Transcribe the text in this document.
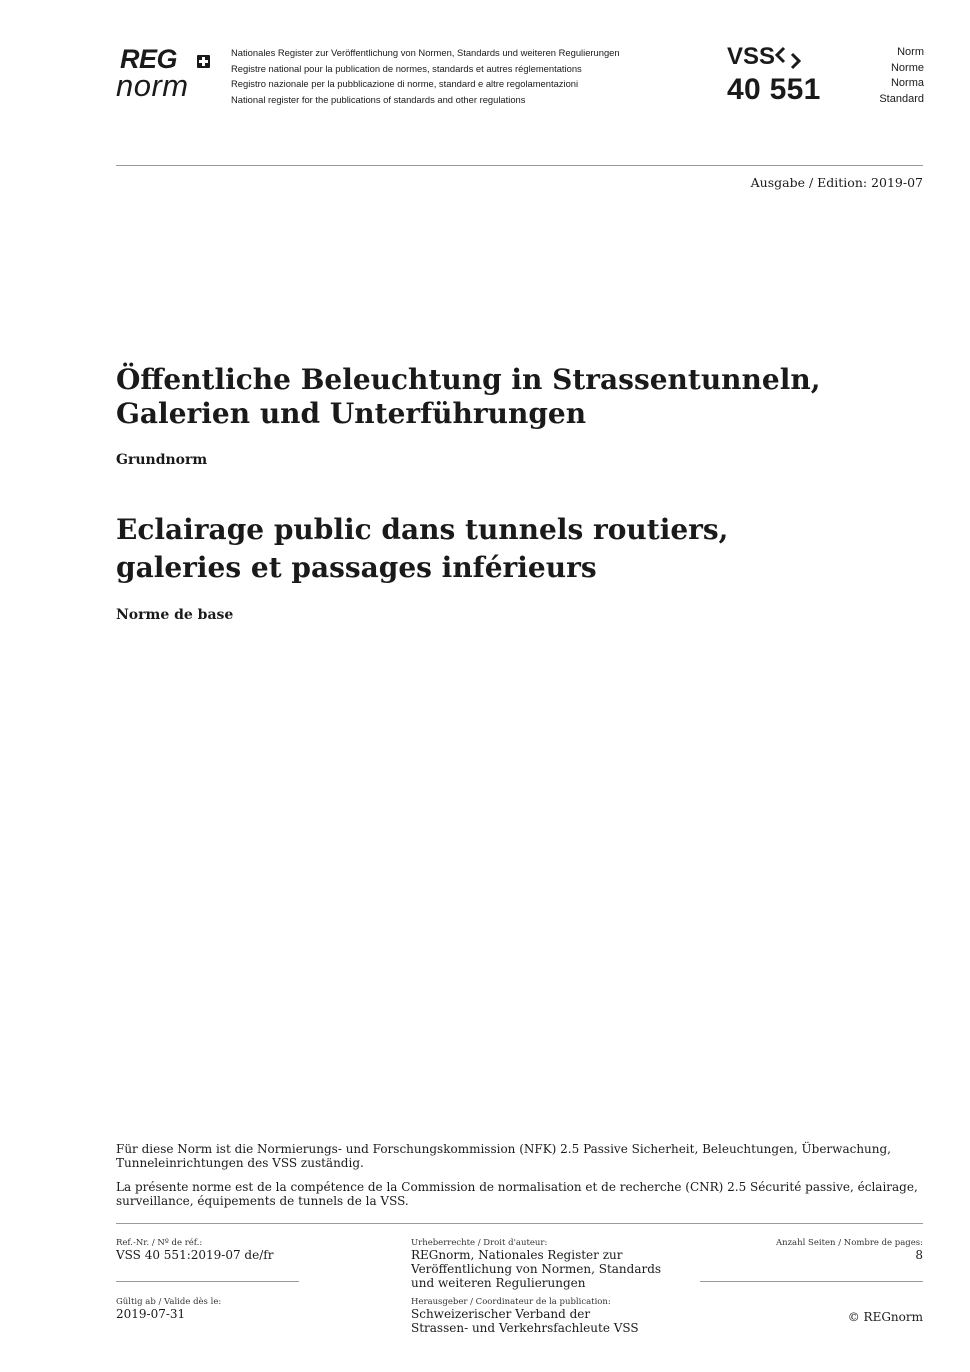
REG
norm
Nationales Register zur Veröffentlichung von Normen, Standards und weiteren Regulierungen
Registre national pour la publication de normes, standards et autres réglementations
Registro nazionale per la pubblicazione di norme, standard e altre regolamentazioni
National register for the publications of standards and other regulations
VSS
40 551
Norm
Norme
Norma
Standard
Ausgabe / Edition: 2019-07
Öffentliche Beleuchtung in Strassentunneln,
Galerien und Unterführungen
Grundnorm
Eclairage public dans tunnels routiers,
galeries et passages inférieurs
Norme de base
Für diese Norm ist die Normierungs- und Forschungskommission (NFK) 2.5 Passive Sicherheit, Beleuchtungen, Überwachung,
Tunneleinrichtungen des VSS zuständig.
La présente norme est de la compétence de la Commission de normalisation et de recherche (CNR) 2.5 Sécurité passive, éclairage,
surveillance, équipements de tunnels de la VSS.
Ref.-Nr. / Nº de réf.:
VSS 40 551:2019-07 de/fr
Gültig ab / Valide dès le:
2019-07-31
Urheberrechte / Droit d'auteur:
REGnorm, Nationales Register zur
Veröffentlichung von Normen, Standards
und weiteren Regulierungen
Herausgeber / Coordinateur de la publication:
Schweizerischer Verband der
Strassen- und Verkehrsfachleute VSS
Anzahl Seiten / Nombre de pages:
8
© REGnorm
